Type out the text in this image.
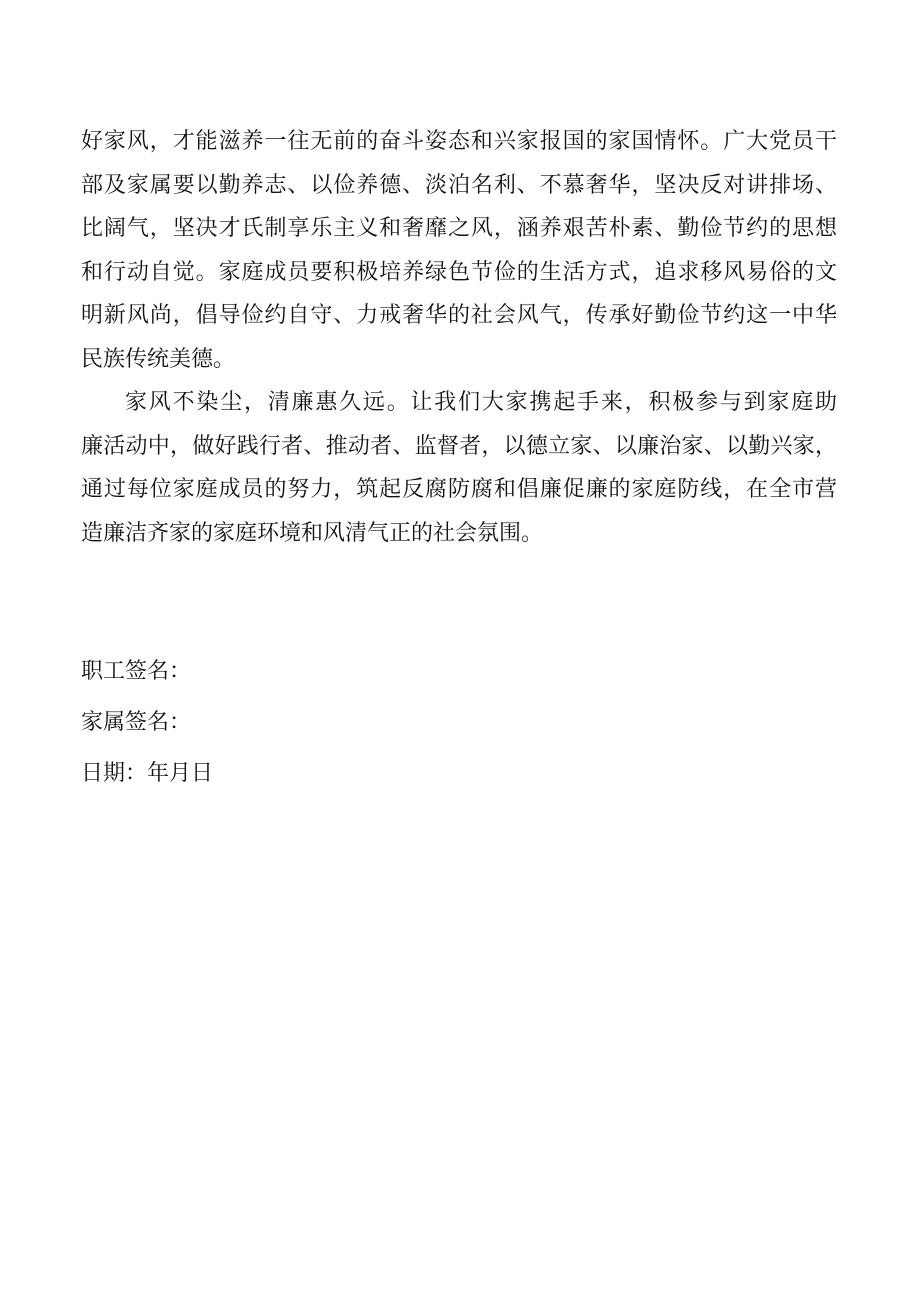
好家风，才能滋养一往无前的奋斗姿态和兴家报国的家国情怀。广大党员干
部及家属要以勤养志、以俭养德、淡泊名利、不慕奢华，坚决反对讲排场、
比阔气，坚决才氏制享乐主义和奢靡之风，涵养艰苦朴素、勤俭节约的思想
和行动自觉。家庭成员要积极培养绿色节俭的生活方式，追求移风易俗的文
明新风尚，倡导俭约自守、力戒奢华的社会风气，传承好勤俭节约这一中华
民族传统美德。
家风不染尘，清廉惠久远。让我们大家携起手来，积极参与到家庭助
廉活动中，做好践行者、推动者、监督者，以德立家、以廉治家、以勤兴家，
通过每位家庭成员的努力，筑起反腐防腐和倡廉促廉的家庭防线，在全市营
造廉洁齐家的家庭环境和风清气正的社会氛围。
职工签名：
家属签名：
日期：年月日
